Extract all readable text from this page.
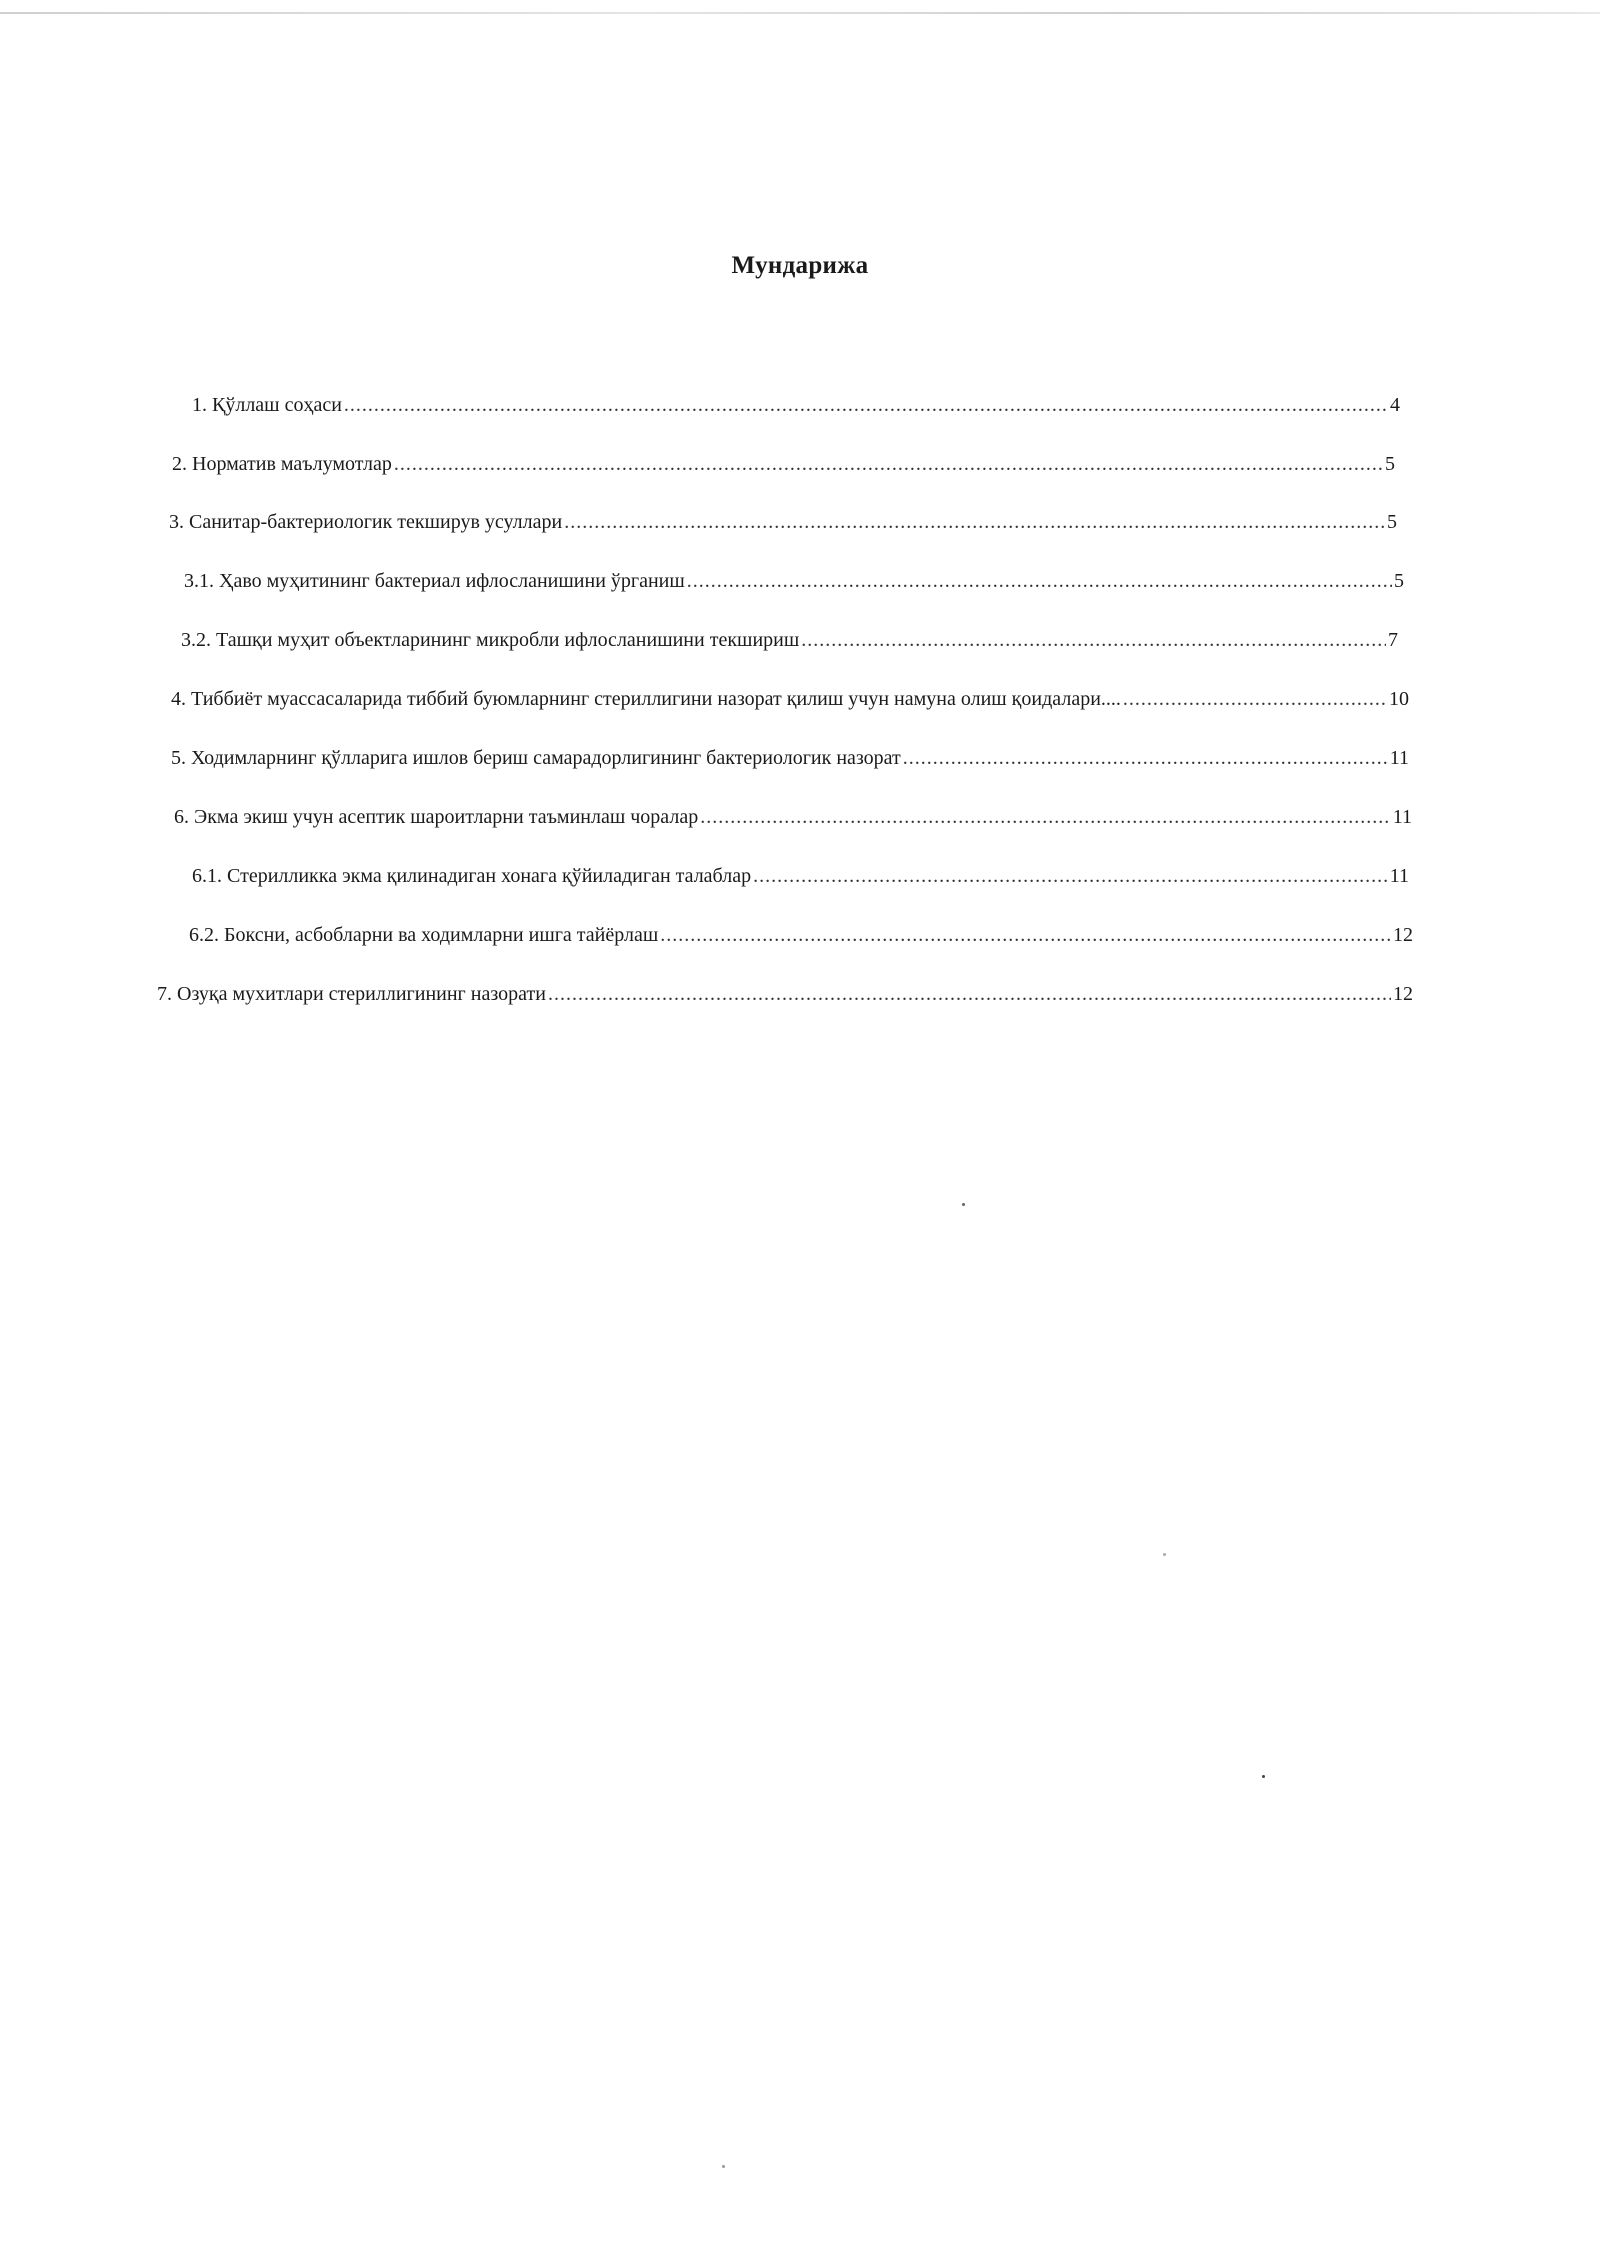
Мундарижа
1. Қўллаш соҳаси .....	4
2. Норматив маълумотлар .....	5
3. Санитар-бактериологик текширув усуллари .....	5
3.1. Ҳаво муҳитининг бактериал ифлосланишини ўрганиш .....	5
3.2. Ташқи муҳит объектларининг микробли ифлосланишини текшириш .....	7
4. Тиббиёт муассасаларида тиббий буюмларнинг стериллигини назорат қилиш учун намуна олиш қоидалари.... .....	10
5. Ходимларнинг қўлларига ишлов бериш самарадорлигининг бактериологик назорат .....	11
6. Экма экиш учун асептик шароитларни таъминлаш чоралар .....	11
6.1. Стерилликка экма қилинадиган хонага қўйиладиган талаблар .....	11
6.2. Боксни, асбобларни ва ходимларни ишга тайёрлаш .....	12
7. Озуқа мухитлари стериллигининг назорати .....	12
